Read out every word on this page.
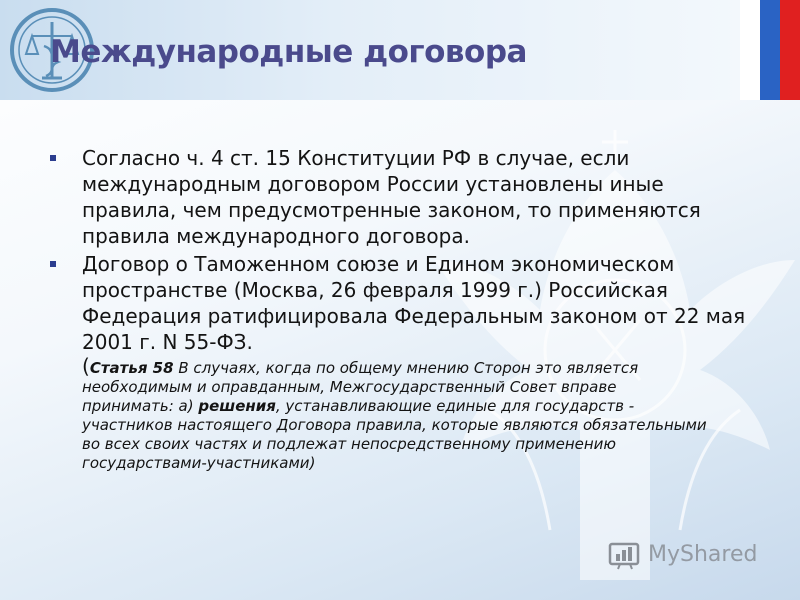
Международные договора
Согласно ч. 4 ст. 15 Конституции РФ в случае, если международным договором России установлены иные правила, чем предусмотренные законом, то применяются правила международного договора.
Договор о Таможенном союзе и Едином экономическом пространстве (Москва, 26 февраля 1999 г.) Российская Федерация ратифицировала Федеральным законом от 22 мая 2001 г. N 55-ФЗ.
(Статья 58 В случаях, когда по общему мнению Сторон это является необходимым и оправданным, Межгосударственный Совет вправе принимать: а) решения, устанавливающие единые для государств - участников настоящего Договора правила, которые являются обязательными во всех своих частях и подлежат непосредственному применению государствами-участниками)
MyShared
